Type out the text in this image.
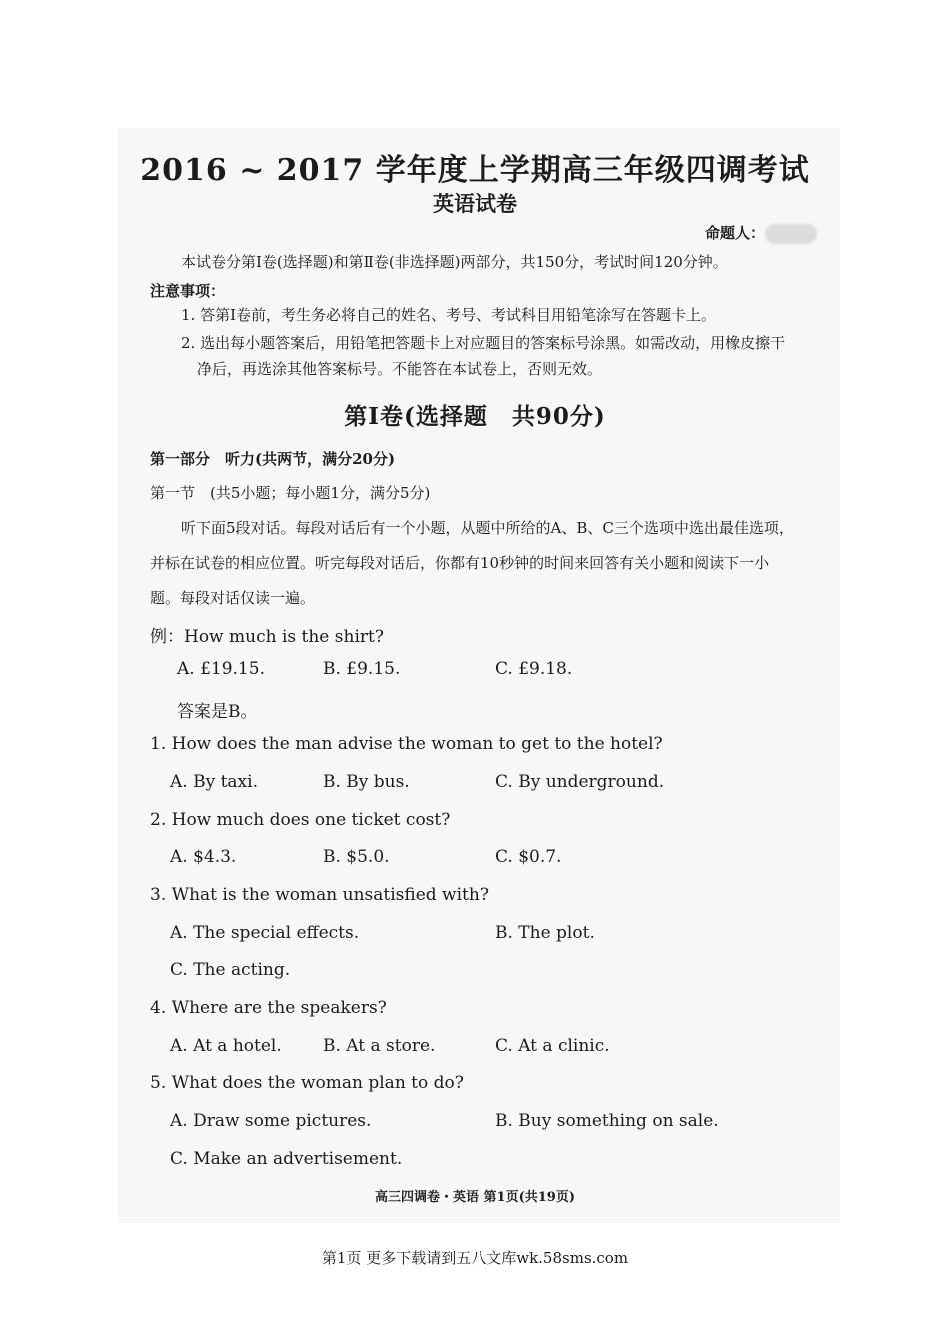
2016 ~ 2017 学年度上学期高三年级四调考试
英语试卷
命题人：
本试卷分第Ⅰ卷(选择题)和第Ⅱ卷(非选择题)两部分，共150分，考试时间120分钟。
注意事项：
1. 答第Ⅰ卷前，考生务必将自己的姓名、考号、考试科目用铅笔涂写在答题卡上。
2. 选出每小题答案后，用铅笔把答题卡上对应题目的答案标号涂黑。如需改动，用橡皮擦干
净后，再选涂其他答案标号。不能答在本试卷上，否则无效。
第Ⅰ卷(选择题　共90分)
第一部分　听力(共两节，满分20分)
第一节　(共5小题；每小题1分，满分5分)
听下面5段对话。每段对话后有一个小题，从题中所给的A、B、C三个选项中选出最佳选项，
并标在试卷的相应位置。听完每段对话后，你都有10秒钟的时间来回答有关小题和阅读下一小
题。每段对话仅读一遍。
例：How much is the shirt?
A. £19.15.	B. £9.15.	C. £9.18.
答案是B。
1. How does the man advise the woman to get to the hotel?
A. By taxi.	B. By bus.	C. By underground.
2. How much does one ticket cost?
A. $4.3.	B. $5.0.	C. $0.7.
3. What is the woman unsatisfied with?
A. The special effects.	B. The plot.
C. The acting.
4. Where are the speakers?
A. At a hotel. B. At a store.	C. At a clinic.
5. What does the woman plan to do?
A. Draw some pictures.	B. Buy something on sale.
C. Make an advertisement.
高三四调卷・英语 第1页(共19页)
第1页 更多下载请到五八文库wk.58sms.com
